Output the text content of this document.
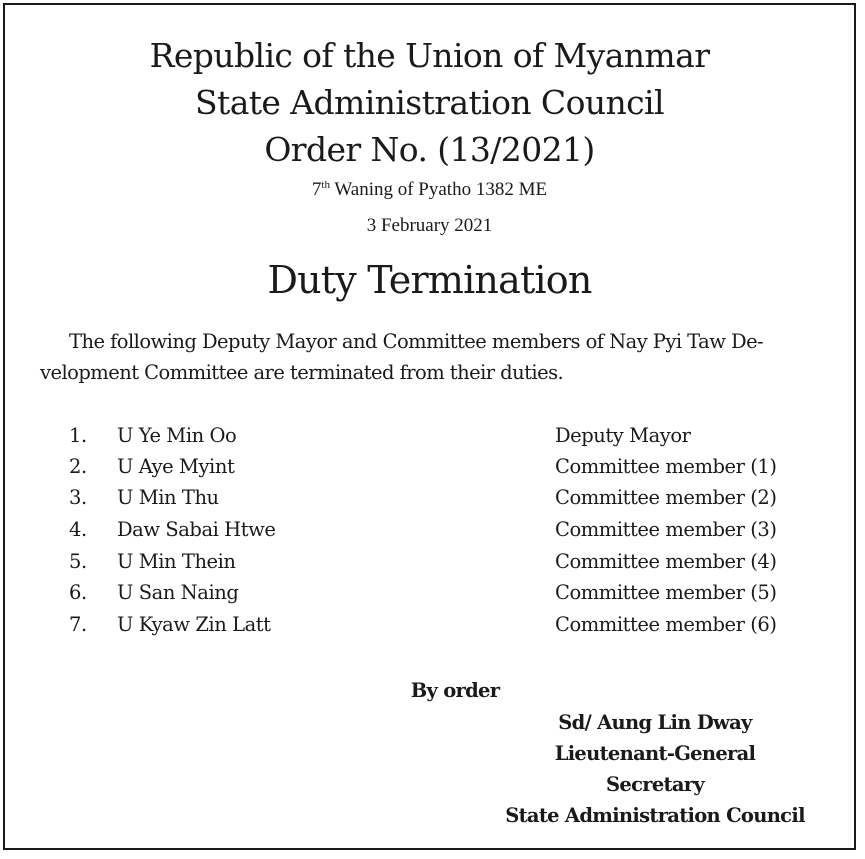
Republic of the Union of Myanmar
State Administration Council
Order No. (13/2021)
7th Waning of Pyatho 1382 ME
3 February 2021
Duty Termination
The following Deputy Mayor and Committee members of Nay Pyi Taw De-
velopment Committee are terminated from their duties.
1. U Ye Min Oo	Deputy Mayor
2. U Aye Myint	Committee member (1)
3. U Min Thu	Committee member (2)
4. Daw Sabai Htwe	Committee member (3)
5. U Min Thein	Committee member (4)
6. U San Naing	Committee member (5)
7. U Kyaw Zin Latt	Committee member (6)
By order
Sd/ Aung Lin Dway
Lieutenant-General
Secretary
State Administration Council
